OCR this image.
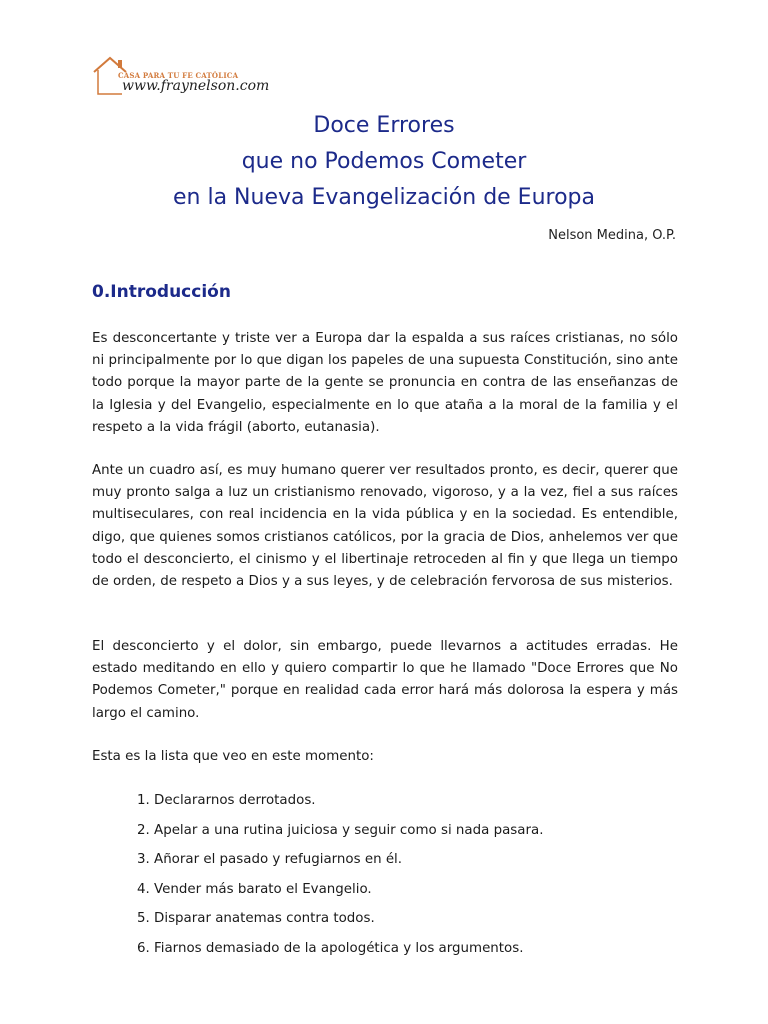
CASA PARA TU FE CATÓLICA
www.fraynelson.com
Doce Errores
que no Podemos Cometer
en la Nueva Evangelización de Europa
Nelson Medina, O.P.
0.Introducción

Es desconcertante y triste ver a Europa dar la espalda a sus raíces cristianas, no sólo ni principalmente por lo que digan los papeles de una supuesta Constitución, sino ante todo porque la mayor parte de la gente se pronuncia en contra de las enseñanzas de la Iglesia y del Evangelio, especialmente en lo que ataña a la moral de la familia y el respeto a la vida frágil (aborto, eutanasia).

Ante un cuadro así, es muy humano querer ver resultados pronto, es decir, querer que muy pronto salga a luz un cristianismo renovado, vigoroso, y a la vez, fiel a sus raíces multiseculares, con real incidencia en la vida pública y en la sociedad. Es entendible, digo, que quienes somos cristianos católicos, por la gracia de Dios, anhelemos ver que todo el desconcierto, el cinismo y el libertinaje retroceden al fin y que llega un tiempo de orden, de respeto a Dios y a sus leyes, y de celebración fervorosa de sus misterios.

El desconcierto y el dolor, sin embargo, puede llevarnos a actitudes erradas. He estado meditando en ello y quiero compartir lo que he llamado "Doce Errores que No Podemos Cometer," porque en realidad cada error hará más dolorosa la espera y más largo el camino.

Esta es la lista que veo en este momento:

1. Declararnos derrotados.
2. Apelar a una rutina juiciosa y seguir como si nada pasara.
3. Añorar el pasado y refugiarnos en él.
4. Vender más barato el Evangelio.
5. Disparar anatemas contra todos.
6. Fiarnos demasiado de la apologética y los argumentos.
